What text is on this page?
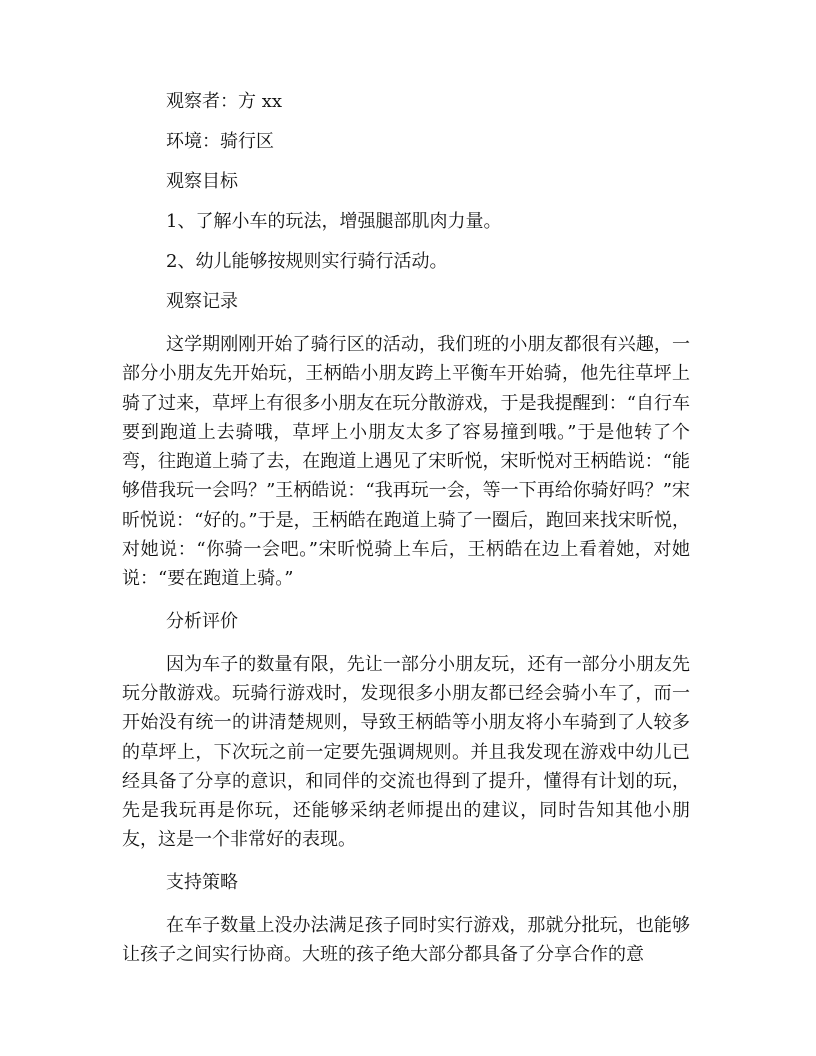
观察者：方 xx

环境：骑行区

观察目标

1、了解小车的玩法，增强腿部肌肉力量。

2、幼儿能够按规则实行骑行活动。

观察记录

这学期刚刚开始了骑行区的活动，我们班的小朋友都很有兴趣，一部分小朋友先开始玩，王柄皓小朋友跨上平衡车开始骑，他先往草坪上骑了过来，草坪上有很多小朋友在玩分散游戏，于是我提醒到：“自行车要到跑道上去骑哦，草坪上小朋友太多了容易撞到哦。”于是他转了个弯，往跑道上骑了去，在跑道上遇见了宋昕悦，宋昕悦对王柄皓说：“能够借我玩一会吗？”王柄皓说：“我再玩一会，等一下再给你骑好吗？”宋昕悦说：“好的。”于是，王柄皓在跑道上骑了一圈后，跑回来找宋昕悦，对她说：“你骑一会吧。”宋昕悦骑上车后，王柄皓在边上看着她，对她说：“要在跑道上骑。”

分析评价

因为车子的数量有限，先让一部分小朋友玩，还有一部分小朋友先玩分散游戏。玩骑行游戏时，发现很多小朋友都已经会骑小车了，而一开始没有统一的讲清楚规则，导致王柄皓等小朋友将小车骑到了人较多的草坪上，下次玩之前一定要先强调规则。并且我发现在游戏中幼儿已经具备了分享的意识，和同伴的交流也得到了提升，懂得有计划的玩，先是我玩再是你玩，还能够采纳老师提出的建议，同时告知其他小朋友，这是一个非常好的表现。

支持策略

在车子数量上没办法满足孩子同时实行游戏，那就分批玩，也能够让孩子之间实行协商。大班的孩子绝大部分都具备了分享合作的意
